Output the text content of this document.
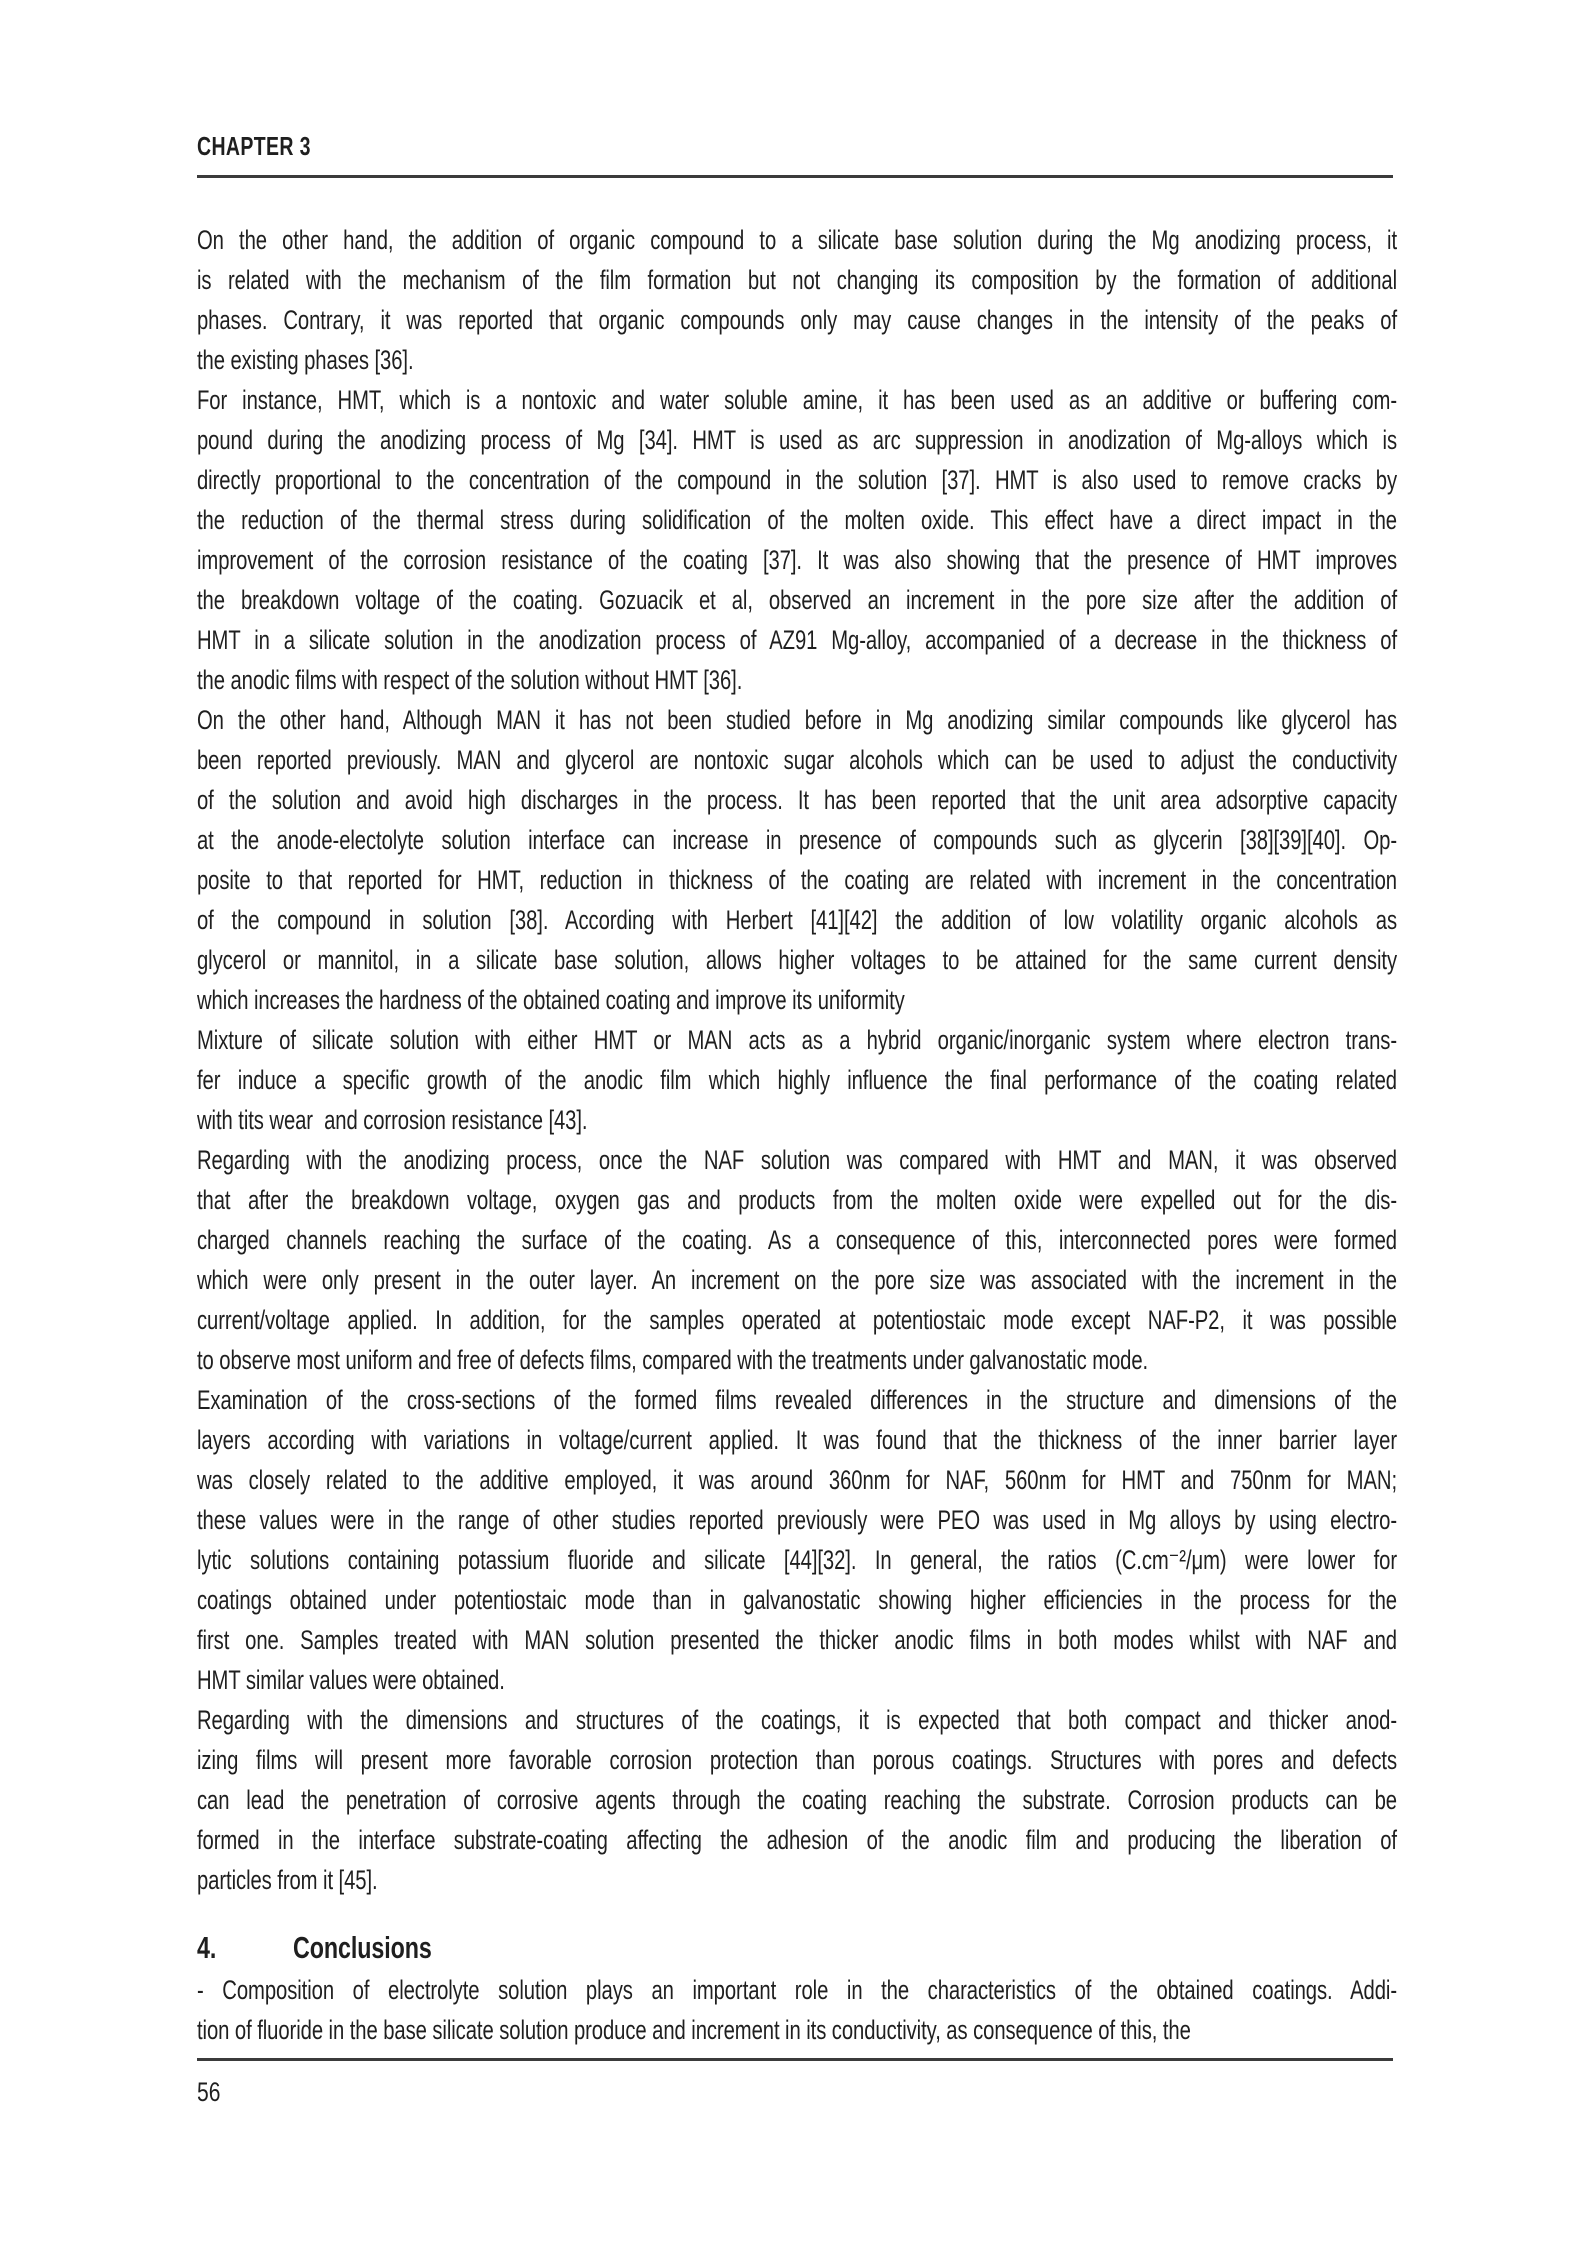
CHAPTER 3
On the other hand, the addition of organic compound to a silicate base solution during the Mg anodizing process, it
is related with the mechanism of the film formation but not changing its composition by the formation of additional
phases. Contrary, it was reported that organic compounds only may cause changes in the intensity of the peaks of
the existing phases [36].
For instance, HMT, which is a nontoxic and water soluble amine, it has been used as an additive or buffering com-
pound during the anodizing process of Mg [34]. HMT is used as arc suppression in anodization of Mg-alloys which is
directly proportional to the concentration of the compound in the solution [37]. HMT is also used to remove cracks by
the reduction of the thermal stress during solidification of the molten oxide. This effect have a direct impact in the
improvement of the corrosion resistance of the coating [37]. It was also showing that the presence of HMT improves
the breakdown voltage of the coating. Gozuacik et al, observed an increment in the pore size after the addition of
HMT in a silicate solution in the anodization process of AZ91 Mg-alloy, accompanied of a decrease in the thickness of
the anodic films with respect of the solution without HMT [36].
On the other hand, Although MAN it has not been studied before in Mg anodizing similar compounds like glycerol has
been reported previously. MAN and glycerol are nontoxic sugar alcohols which can be used to adjust the conductivity
of the solution and avoid high discharges in the process. It has been reported that the unit area adsorptive capacity
at the anode-electolyte solution interface can increase in presence of compounds such as glycerin [38][39][40]. Op-
posite to that reported for HMT, reduction in thickness of the coating are related with increment in the concentration
of the compound in solution [38]. According with Herbert [41][42] the addition of low volatility organic alcohols as
glycerol or mannitol, in a silicate base solution, allows higher voltages to be attained for the same current density
which increases the hardness of the obtained coating and improve its uniformity
Mixture of silicate solution with either HMT or MAN acts as a hybrid organic/inorganic system where electron trans-
fer induce a specific growth of the anodic film which highly influence the final performance of the coating related
with tits wear  and corrosion resistance [43].
Regarding with the anodizing process, once the NAF solution was compared with HMT and MAN, it was observed
that after the breakdown voltage, oxygen gas and products from the molten oxide were expelled out for the dis-
charged channels reaching the surface of the coating. As a consequence of this, interconnected pores were formed
which were only present in the outer layer. An increment on the pore size was associated with the increment in the
current/voltage applied. In addition, for the samples operated at potentiostaic mode except NAF-P2, it was possible
to observe most uniform and free of defects films, compared with the treatments under galvanostatic mode.
Examination of the cross-sections of the formed films revealed differences in the structure and dimensions of the
layers according with variations in voltage/current applied. It was found that the thickness of the inner barrier layer
was closely related to the additive employed, it was around 360nm for NAF, 560nm for HMT and 750nm for MAN;
these values were in the range of other studies reported previously were PEO was used in Mg alloys by using electro-
lytic solutions containing potassium fluoride and silicate [44][32]. In general, the ratios (C.cm⁻²/μm) were lower for
coatings obtained under potentiostaic mode than in galvanostatic showing higher efficiencies in the process for the
first one. Samples treated with MAN solution presented the thicker anodic films in both modes whilst with NAF and
HMT similar values were obtained.
Regarding with the dimensions and structures of the coatings, it is expected that both compact and thicker anod-
izing films will present more favorable corrosion protection than porous coatings. Structures with pores and defects
can lead the penetration of corrosive agents through the coating reaching the substrate. Corrosion products can be
formed in the interface substrate-coating affecting the adhesion of the anodic film and producing the liberation of
particles from it [45].
4.	Conclusions
- Composition of electrolyte solution plays an important role in the characteristics of the obtained coatings. Addi-
tion of fluoride in the base silicate solution produce and increment in its conductivity, as consequence of this, the
56
